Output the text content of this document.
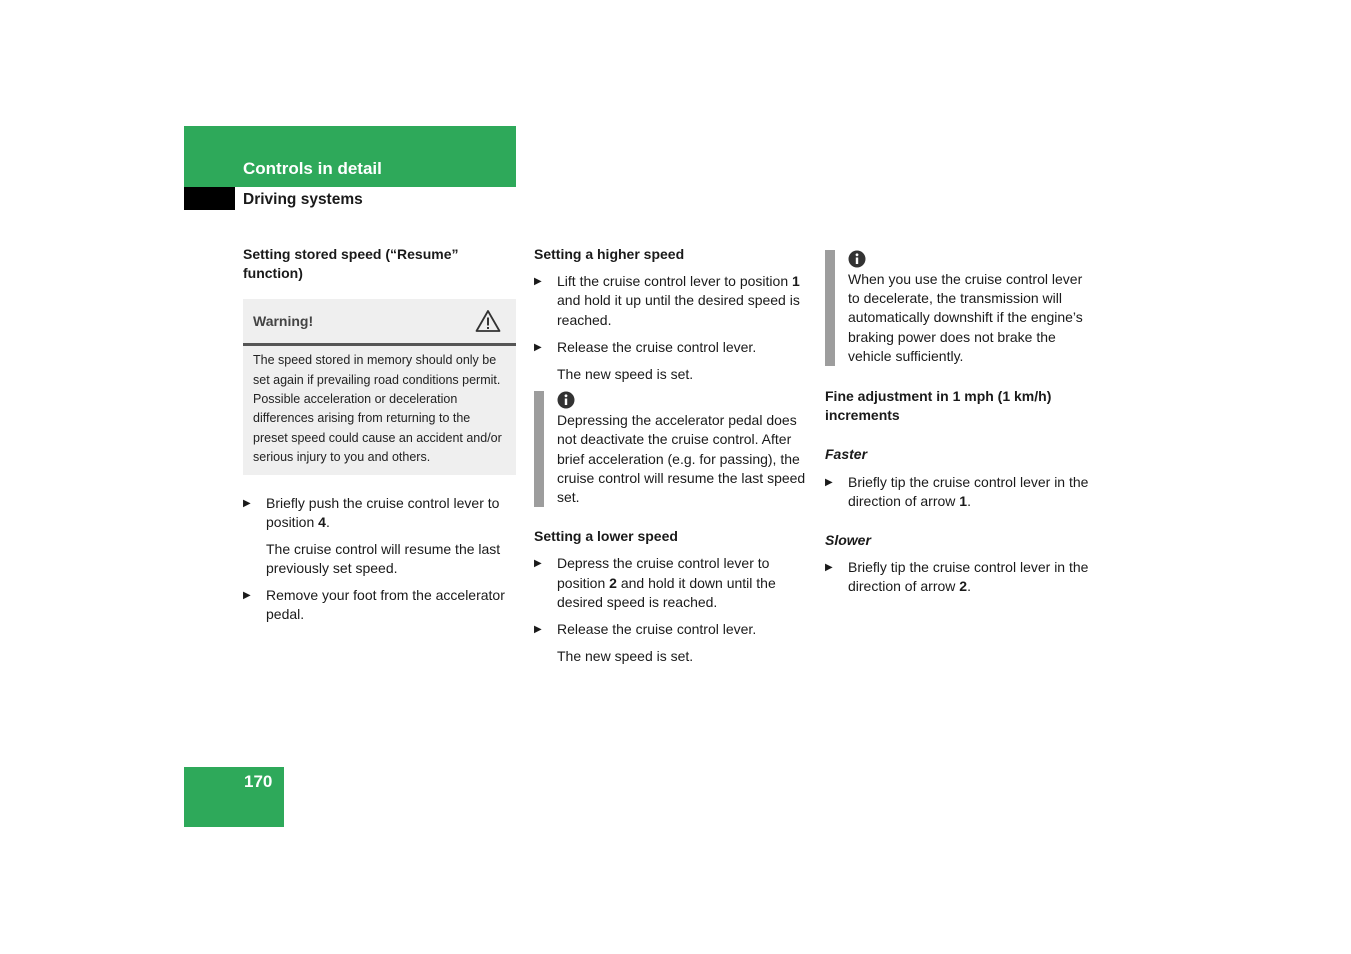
Controls in detail
Driving systems
Setting stored speed (“Resume” function)
Warning!
The speed stored in memory should only be set again if prevailing road conditions permit. Possible acceleration or deceleration differences arising from returning to the preset speed could cause an accident and/or serious injury to you and others.
▶ Briefly push the cruise control lever to position 4.

The cruise control will resume the last previously set speed.

▶ Remove your foot from the accelerator pedal.
Setting a higher speed
▶ Lift the cruise control lever to position 1 and hold it up until the desired speed is reached.
▶ Release the cruise control lever.

The new speed is set.

Depressing the accelerator pedal does not deactivate the cruise control. After brief acceleration (e.g. for passing), the cruise control will resume the last speed set.

Setting a lower speed
▶ Depress the cruise control lever to position 2 and hold it down until the desired speed is reached.
▶ Release the cruise control lever.

The new speed is set.

When you use the cruise control lever to decelerate, the transmission will automatically downshift if the engine’s braking power does not brake the vehicle sufficiently.

Fine adjustment in 1 mph (1 km/h) increments
Faster
▶ Briefly tip the cruise control lever in the direction of arrow 1.
Slower
▶ Briefly tip the cruise control lever in the direction of arrow 2.
170
